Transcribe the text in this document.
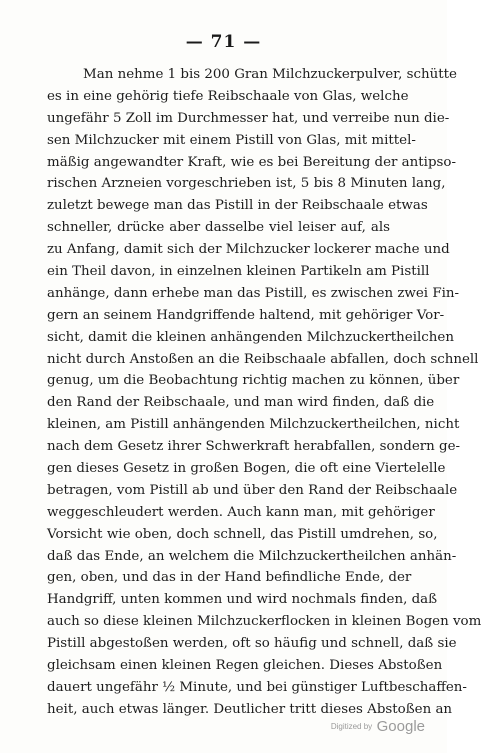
— 71 —
Man nehme 1 bis 200 Gran Milchzuckerpulver, schütte
es in eine gehörig tiefe Reibschaale von Glas, welche
ungefähr 5 Zoll im Durchmesser hat, und verreibe nun die-
sen Milchzucker mit einem Pistill von Glas, mit mittel-
mäßig angewandter Kraft, wie es bei Bereitung der antipso-
rischen Arzneien vorgeschrieben ist, 5 bis 8 Minuten lang,
zuletzt bewege man das Pistill in der Reibschaale etwas
schneller, drücke aber dasselbe viel leiser auf, als
zu Anfang, damit sich der Milchzucker lockerer mache und
ein Theil davon, in einzelnen kleinen Partikeln am Pistill
anhänge, dann erhebe man das Pistill, es zwischen zwei Fin-
gern an seinem Handgriffende haltend, mit gehöriger Vor-
sicht, damit die kleinen anhängenden Milchzuckertheilchen
nicht durch Anstoßen an die Reibschaale abfallen, doch schnell
genug, um die Beobachtung richtig machen zu können, über
den Rand der Reibschaale, und man wird finden, daß die
kleinen, am Pistill anhängenden Milchzuckertheilchen, nicht
nach dem Gesetz ihrer Schwerkraft herabfallen, sondern ge-
gen dieses Gesetz in großen Bogen, die oft eine Viertelelle
betragen, vom Pistill ab und über den Rand der Reibschaale
weggeschleudert werden. Auch kann man, mit gehöriger
Vorsicht wie oben, doch schnell, das Pistill umdrehen, so,
daß das Ende, an welchem die Milchzuckertheilchen anhän-
gen, oben, und das in der Hand befindliche Ende, der
Handgriff, unten kommen und wird nochmals finden, daß
auch so diese kleinen Milchzuckerflocken in kleinen Bogen vom
Pistill abgestoßen werden, oft so häufig und schnell, daß sie
gleichsam einen kleinen Regen gleichen. Dieses Abstoßen
dauert ungefähr ½ Minute, und bei günstiger Luftbeschaffen-
heit, auch etwas länger. Deutlicher tritt dieses Abstoßen an
Digitized by Google
